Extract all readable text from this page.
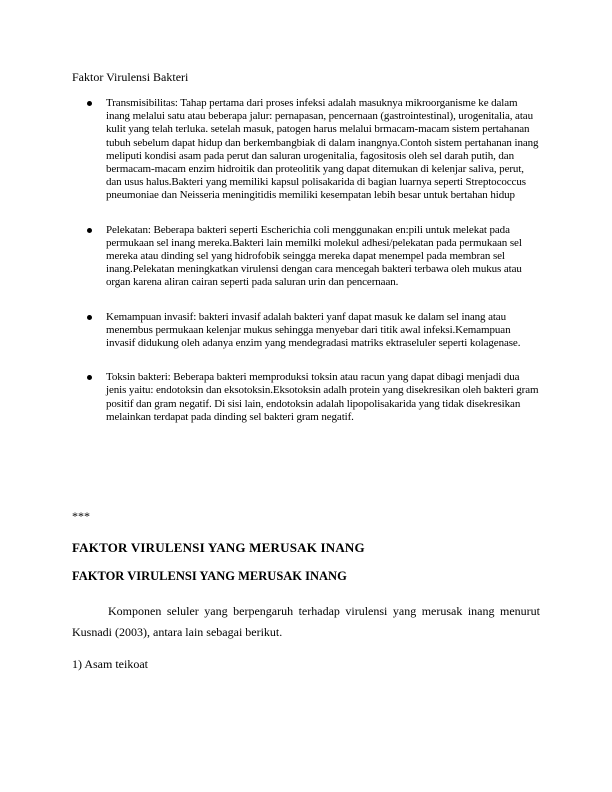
Faktor Virulensi Bakteri
Transmisibilitas: Tahap pertama dari proses infeksi adalah masuknya mikroorganisme ke dalam inang melalui satu atau beberapa jalur: pernapasan, pencernaan (gastrointestinal), urogenitalia, atau kulit yang telah terluka. setelah masuk, patogen harus melalui brmacam-macam sistem pertahanan tubuh sebelum dapat hidup dan berkembangbiak di dalam inangnya.Contoh sistem pertahanan inang meliputi kondisi asam pada perut dan saluran urogenitalia, fagositosis oleh sel darah putih, dan bermacam-macam enzim hidroitik dan proteolitik yang dapat ditemukan di kelenjar saliva, perut, dan usus halus.Bakteri yang memiliki kapsul polisakarida di bagian luarnya seperti Streptococcus pneumoniae dan Neisseria meningitidis memiliki kesempatan lebih besar untuk bertahan hidup
Pelekatan: Beberapa bakteri seperti Escherichia coli menggunakan en:pili untuk melekat pada permukaan sel inang mereka.Bakteri lain memilki molekul adhesi/pelekatan pada permukaan sel mereka atau dinding sel yang hidrofobik seingga mereka dapat menempel pada membran sel inang.Pelekatan meningkatkan virulensi dengan cara mencegah bakteri terbawa oleh mukus atau organ karena aliran cairan seperti pada saluran urin dan pencernaan.
Kemampuan invasif: bakteri invasif adalah bakteri yanf dapat masuk ke dalam sel inang atau menembus permukaan kelenjar mukus sehingga menyebar dari titik awal infeksi.Kemampuan invasif didukung oleh adanya enzim yang mendegradasi matriks ektraseluler seperti kolagenase.
Toksin bakteri: Beberapa bakteri memproduksi toksin atau racun yang dapat dibagi menjadi dua jenis yaitu: endotoksin dan eksotoksin.Eksotoksin adalh protein yang disekresikan oleh bakteri gram positif dan gram negatif. Di sisi lain, endotoksin adalah lipopolisakarida yang tidak disekresikan melainkan terdapat pada dinding sel bakteri gram negatif.
***
FAKTOR VIRULENSI YANG MERUSAK INANG
FAKTOR VIRULENSI YANG MERUSAK INANG
Komponen seluler yang berpengaruh terhadap virulensi yang merusak inang menurut Kusnadi (2003), antara lain sebagai berikut.
1) Asam teikoat
